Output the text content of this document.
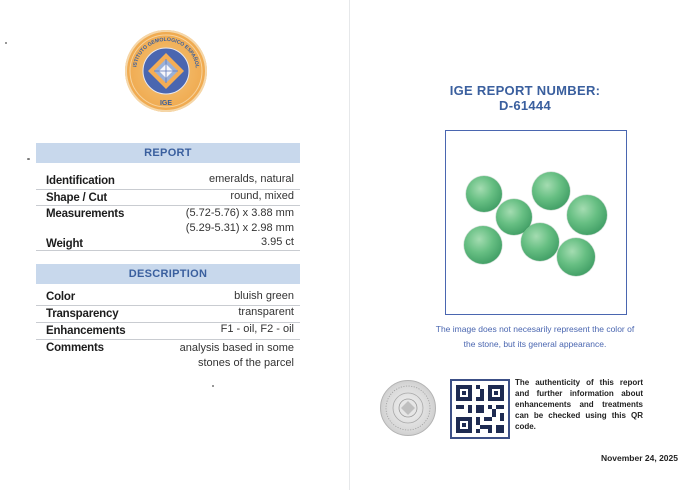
ISTITUTO GEMOLOGICO ESPAÑOL
IGE
REPORT
Identification	emeralds, natural
Shape / Cut	round, mixed
Measurements	(5.72-5.76) x 3.88 mm
(5.29-5.31) x 2.98 mm
Weight	3.95 ct
DESCRIPTION
Color	bluish green
Transparency	transparent
Enhancements	F1 - oil, F2 - oil
Comments	analysis based in some
stones of the parcel
IGE REPORT NUMBER:
D-61444
The image does not necesarily represent the color of
the stone, but its general appearance.
The authenticity of this report and further information about enhancements and treatments can be checked using this QR code.
November 24, 2025
